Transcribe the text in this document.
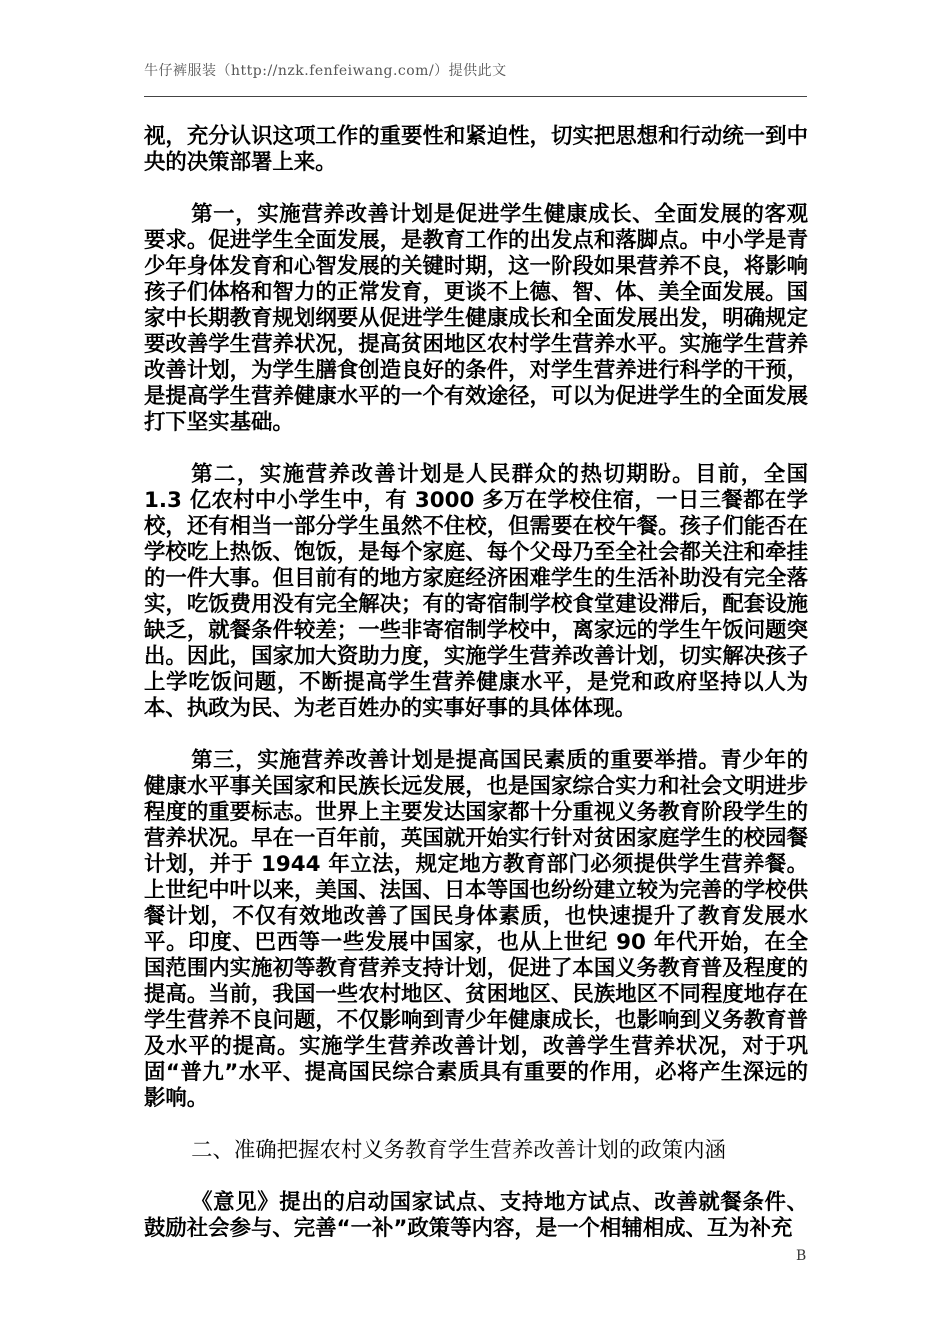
牛仔裤服装（http://nzk.fenfeiwang.com/）提供此文

视，充分认识这项工作的重要性和紧迫性，切实把思想和行动统一到中央的决策部署上来。

第一，实施营养改善计划是促进学生健康成长、全面发展的客观要求。促进学生全面发展，是教育工作的出发点和落脚点。中小学是青少年身体发育和心智发展的关键时期，这一阶段如果营养不良，将影响孩子们体格和智力的正常发育，更谈不上德、智、体、美全面发展。国家中长期教育规划纲要从促进学生健康成长和全面发展出发，明确规定要改善学生营养状况，提高贫困地区农村学生营养水平。实施学生营养改善计划，为学生膳食创造良好的条件，对学生营养进行科学的干预，是提高学生营养健康水平的一个有效途径，可以为促进学生的全面发展打下坚实基础。

第二，实施营养改善计划是人民群众的热切期盼。目前，全国 1.3 亿农村中小学生中，有 3000 多万在学校住宿，一日三餐都在学校，还有相当一部分学生虽然不住校，但需要在校午餐。孩子们能否在学校吃上热饭、饱饭，是每个家庭、每个父母乃至全社会都关注和牵挂的一件大事。但目前有的地方家庭经济困难学生的生活补助没有完全落实，吃饭费用没有完全解决；有的寄宿制学校食堂建设滞后，配套设施缺乏，就餐条件较差；一些非寄宿制学校中，离家远的学生午饭问题突出。因此，国家加大资助力度，实施学生营养改善计划，切实解决孩子上学吃饭问题，不断提高学生营养健康水平，是党和政府坚持以人为本、执政为民、为老百姓办的实事好事的具体体现。

第三，实施营养改善计划是提高国民素质的重要举措。青少年的健康水平事关国家和民族长远发展，也是国家综合实力和社会文明进步程度的重要标志。世界上主要发达国家都十分重视义务教育阶段学生的营养状况。早在一百年前，英国就开始实行针对贫困家庭学生的校园餐计划，并于 1944 年立法，规定地方教育部门必须提供学生营养餐。上世纪中叶以来，美国、法国、日本等国也纷纷建立较为完善的学校供餐计划，不仅有效地改善了国民身体素质，也快速提升了教育发展水平。印度、巴西等一些发展中国家，也从上世纪 90 年代开始，在全国范围内实施初等教育营养支持计划，促进了本国义务教育普及程度的提高。当前，我国一些农村地区、贫困地区、民族地区不同程度地存在学生营养不良问题，不仅影响到青少年健康成长，也影响到义务教育普及水平的提高。实施学生营养改善计划，改善学生营养状况，对于巩固“普九”水平、提高国民综合素质具有重要的作用，必将产生深远的影响。

二、准确把握农村义务教育学生营养改善计划的政策内涵

《意见》提出的启动国家试点、支持地方试点、改善就餐条件、鼓励社会参与、完善“一补”政策等内容，是一个相辅相成、互为补充

B
